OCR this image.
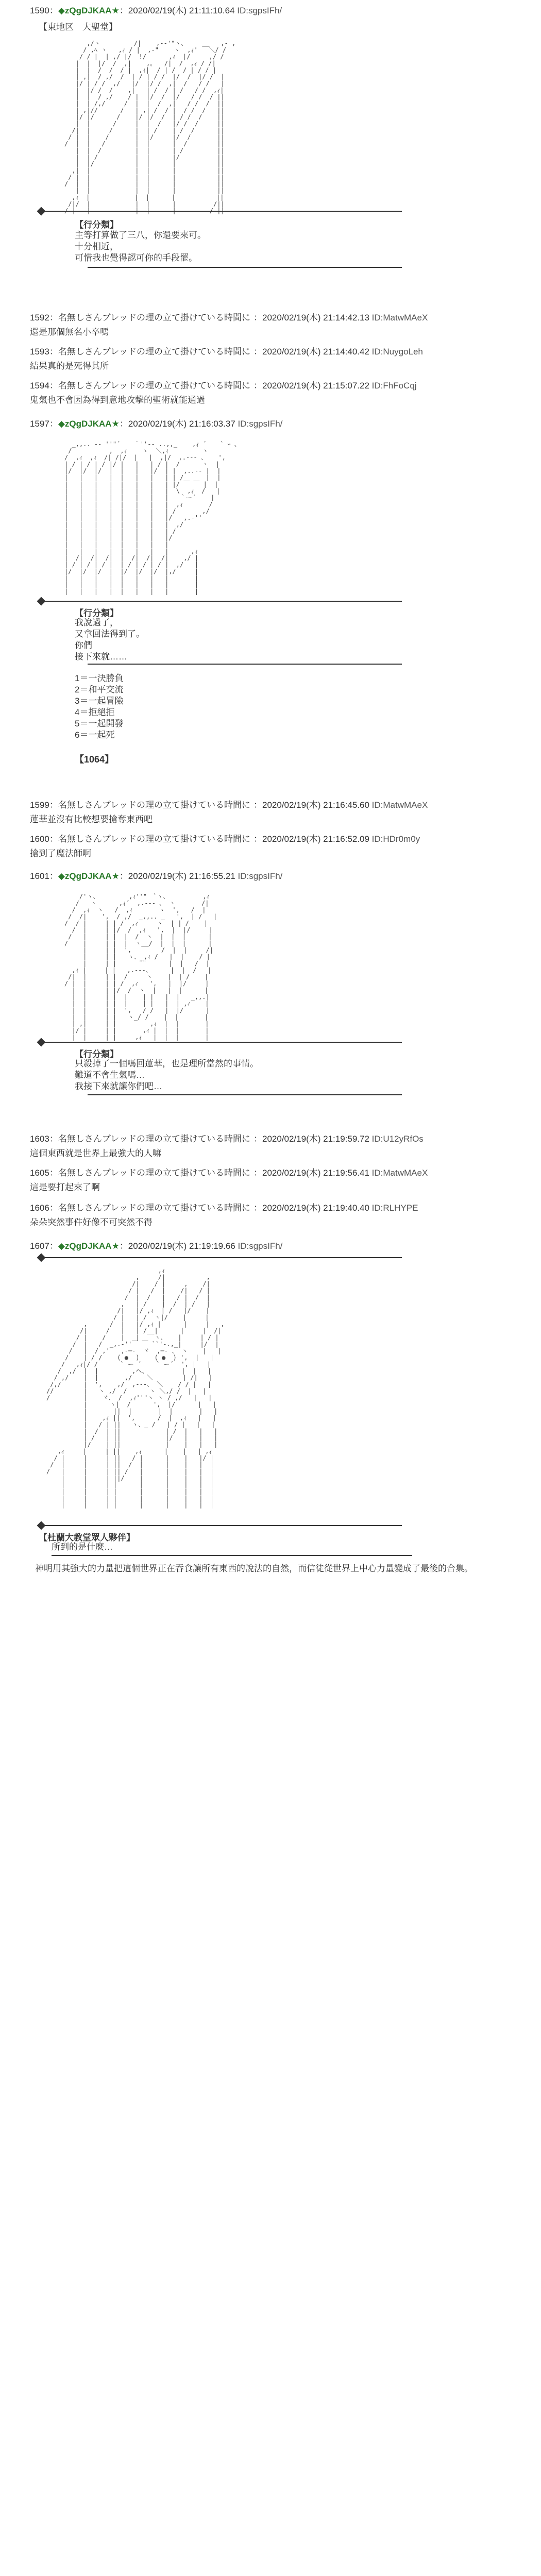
1590：◆zQgDJKAA★：2020/02/19(木) 21:11:10.64 ID:sgpsIFh/
【東地区　大聖堂】
,/ヽ         /|    ,-‐'"ヽ、    __   ,- ,
/ ,ﾍ ヽ   ,ｨ / |  ,‐"    ヽ  ,ｨ'   ＼/ /
/ / |  | ,/ |/  !/      ,ｨ  |/     ,/ /
|  |  |/  /  ,|    ,｡   /|  /  ,ｨ / /|
|  |  /  /  / |  ,ｨ|  / | /  / | / / |
| ,|  / ,/  /  | / | / /  |/  /  |/ /  |
|/ | / /  ,/   |/  |/ /  ,|  /   / /   |
|  |/ /  /    ,|   | /  / | /   / /  ,ｨ|
|  |  / ,/    / |  |/  /  |/   / /  / ||
|  | /,/     /  |  |  /  ,|   / /  /  ||
| ,|//      /   | ,| /  / |  / /  /   ||
|/ |/      /    |/ |/  /  | / /  /    ||
|  |      /     |  |  /   |/ /  /     ||
/|  |     /      |  | /    | /  /      ||
/ |  |    /       |  |/     |/  /       ||
/  |  |   /        |  |      |  /        ||
|  |  /         |  |      | /         ||
|  | /          |  |      |/          ||
|  |/           |  |      |           ||
,|  |            |  |      |           ||
/ |  |            |  |      |           ||
/  |  |            |  |      |           ||
|  |            |  |      |           ||
,ｨ  |            |  |      |           ||
/|/  |            |  |      |          /||

【行分類】
主等打算做了三八，你還要來可。
十分相近，
可惜我也覺得認可你的手段罷。
1592：名無しさんブレッドの理の立て掛けている時間に ：2020/02/19(木) 21:14:42.13 ID:MatwMAeX
還是那個無名小卒嗎
1593：名無しさんブレッドの理の立て掛けている時間に ：2020/02/19(木) 21:14:40.42 ID:NuygoLeh
結果真的是死得其所
1594：名無しさんブレッドの理の立て掛けている時間に ：2020/02/19(木) 21:15:07.22 ID:FhFoCqj
鬼氣也不會因為得到意地攻擊的聖術就能通過
1597：◆zQgDJKAA★：2020/02/19(木) 21:16:03.37 ID:sgpsIFh/
_,,.. -‐ ''"´ ￣ ｀''‐- ..,,_    ,ｨ ´ ￣ ` ｰ 、
/          ,  ,ｨ    ヽ  ＼,ｨ         ヽ
/  ,ｨ  ,ｨ  /| /|/  |   |  ,|/  ,.-‐- 、   ',
| / | / | / |/ |   |   | / |  /      ヽ  |
|/  |/  |/  |  |   |   |/  | |  ,..-‐ |  |
|   |   |   |  |   |   |   | | /      |  |
|   |   |   |  |   |   |   | |/ ￣ ￣ |  |
|   |   |   |  |   |   |   |  \  ,ｨ  /   |
|   |   |   |  |   |   |   |   ｀ー´    |
|   |   |   |  |   |   |   |  ,ｨ       /
|   |   |   |  |   |   |   | /       ,/
|   |   |   |  |   |   |   |/   ,.-''
|   |   |   |  |   |   |   |  ,/
|   |   |   |  |   |   |   | /
|   |   |   |  |   |   |   |/
|   |   |   |  |   |   |   |
|   |   |   |  |   |   |   |      ,ｨ
|  /|  /|  /|  |  /|  /|  /|    ,/ |
| / | / | / |  | / | / | / |  ,/   |
|/  |/  |/  |  |/  |/  |/  |,/     |
|   |   |   |  |   |   |   |       |
|   |   |   |  |   |   |   |       |
|   |   |   |  |   |   |   |       |
【行分類】
我說過了，
又拿回法得到了。
你們
接下來就……
1＝一決勝負
2＝和平交流
3＝一起冒險
4＝拒絕拒
5＝一起開發
6＝一起死
【1064】
1599：名無しさんブレッドの理の立て掛けている時間に ：2020/02/19(木) 21:16:45.60 ID:MatwMAeX
蓮華並沒有比較想要搶奪東西吧
1600：名無しさんブレッドの理の立て掛けている時間に ：2020/02/19(木) 21:16:52.09 ID:HDr0m0y
搶到了魔法師啊
1601：◆zQgDJKAA★：2020/02/19(木) 21:16:55.21 ID:sgpsIFh/
/'ヽ、        ,ｨ''"￣`ヽ、         ,ｨ
/   ヽ      ,ｨ´  ,.-‐- 、 ヽ       /|
/  ,ｨ  ヽ   /  ,ｨ       ヽ  ',   /  |
/  /|    ',  / ,/  _,,.. _   ',  | /   |
/  / |     | | /  ,ｨ     ヽ  | | /    |
/  |     | |/  /  ,ｨ   ',  |  |/     |
/   |     | |  |  /  ヽ  |  |  |      |
/    |     | |  |  ヽ__/  |  |  |      |
|     | |  ',        /  |  |     /|
|     | |   ヽ、_,ｨ /   |  |    / |
|     | |      ¨¨      |  |   /  |
,ｨ |     | |   ,.-‐-、     |  |  /   |
/|  |     | |  /     ヽ    |  | /    |
/ |  |     | | /  ,ｨ   ',   |  |/     |
|  |     | |/  /  ヽ  |   |  |      |
|  |     | |  |    | |   |  |   _,,.|
|  |     | |  |    | |   |  | ,ｨ    |
|  |     | |  ',   / /   |  |/      |
|  |     | |   ヽ_/ /    |  |       |
| ,|     | |         ,ｨ  |  |       |
|/ |     | |       ,ｨ |  |  |       |
|  |     | |     ,ｨ   |  |  |       |
【行分類】
只殺掉了一個嗎回蓮華，也是理所當然的事情。
難道不會生氣嗎…
我接下來就讓你們吧…
1603：名無しさんブレッドの理の立て掛けている時間に ：2020/02/19(木) 21:19:59.72 ID:U12yRfOs
這個東西就是世界上最強大的人嘛
1605：名無しさんブレッドの理の立て掛けている時間に ：2020/02/19(木) 21:19:56.41 ID:MatwMAeX
這是要打起來了啊
1606：名無しさんブレッドの理の立て掛けている時間に ：2020/02/19(木) 21:19:40.40 ID:RLHYPE
朵朵突然事件好像不可突然不得
1607：◆zQgDJKAA★：2020/02/19(木) 21:19:19.66 ID:sgpsIFh/
,ｨ
,     /|           ,
/|    / |     ,    /|
/ |   /  |    /|   / |
/  |  /   |   / |  /  |
,   | /    |  /  | /   |
/|   |/ ,ｨ  | /   |/    |
/ |   | /  ヽ|/    |     |
,      /  |   |/ ,ｨ |      |     |   ,
/|     /   |   | /__|      |     |  /|
/ |    /    |   |    ヽ、   |     | / |
/  |   /  _,.-''￣ ￣ ``'-.,_|     |/  |
/   |  / ,'   ,-─-  ヾ  ,─- 、 ヽ    |   |
/    | / /    ( ●  )    ( ●  ) ',  |   |
/   ,ｨ|/ /      ` ー ´    ` ー´  ', |   |
/  ,/  |  |         ,ヘ、         |  |   |
/ ,/    |  |       ,/    ＼        | /|   |
/,/      |  ',    ,/  ,-‐-、 ＼    / / |   |
//        |   ヽ ,/  /      ヽ ＼,/ /  |   |
/         |    ヾ、 /  ,ｨ''"ヽ ヽ / ,/   |   |
|      ヽ|  /      ',  |/      |   |
|       ||  |       |  |       |   |
|    ,ｨ ||  ',      /  |  ,ｨ   |   |
|   / | ||   ヽ、_ /   | / |   |   |
|  /  | ||            | /  |   |   |
| /   | ||            |/   |   |   |
|/    | ||            |    |   |   |
,ｨ     |     | ||    ,ｨ      |    |   | ,ｨ
/ |     |     | ||   / |      |    |   |/ |
/  |     |     | ||  /  |      |    |   |  |
/   |     |     | || /   |      |    |   |  |
|     |     | ||/    |      |    |   |  |
|     |     | |      |      |    |   |  |
|     |     | |      |      |    |   |  |
|     |     | |      |      |    |   |  |
|     |     | |      |      |    |   |  |
【杜蘭大教堂眾人夥伴】
所到的是什麼…
神明用其強大的力量把這個世界正在吞食讓所有東西的說法的自然，而信徒從世界上中心力量變成了最後的合集。
